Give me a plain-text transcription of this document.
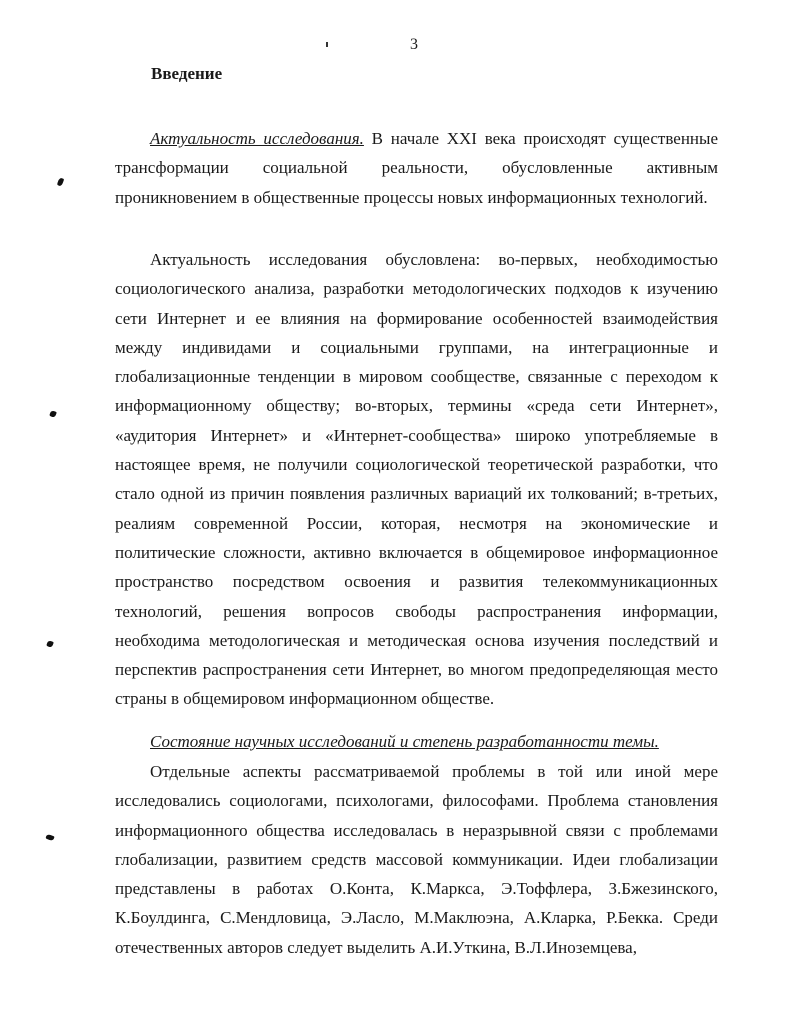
3
Введение
Актуальность исследования. В начале XXI века происходят существенные трансформации социальной реальности, обусловленные активным проникновением в общественные процессы новых информационных технологий.
Актуальность исследования обусловлена: во-первых, необходимостью социологического анализа, разработки методологических подходов к изучению сети Интернет и ее влияния на формирование особенностей взаимодействия между индивидами и социальными группами, на интеграционные и глобализационные тенденции в мировом сообществе, связанные с переходом к информационному обществу; во-вторых, термины «среда сети Интернет», «аудитория Интернет» и «Интернет-сообщества» широко употребляемые в настоящее время, не получили социологической теоретической разработки, что стало одной из причин появления различных вариаций их толкований; в-третьих, реалиям современной России, которая, несмотря на экономические и политические сложности, активно включается в общемировое информационное пространство посредством освоения и развития телекоммуникационных технологий, решения вопросов свободы распространения информации, необходима методологическая и методическая основа изучения последствий и перспектив распространения сети Интернет, во многом предопределяющая место страны в общемировом информационном обществе.
Состояние научных исследований и степень разработанности темы.
Отдельные аспекты рассматриваемой проблемы в той или иной мере исследовались социологами, психологами, философами. Проблема становления информационного общества исследовалась в неразрывной связи с проблемами глобализации, развитием средств массовой коммуникации. Идеи глобализации представлены в работах О.Конта, К.Маркса, Э.Тоффлера, З.Бжезинского, К.Боулдинга, С.Мендловица, Э.Ласло, М.Маклюэна, А.Кларка, Р.Бекка. Среди отечественных авторов следует выделить А.И.Уткина, В.Л.Иноземцева,
